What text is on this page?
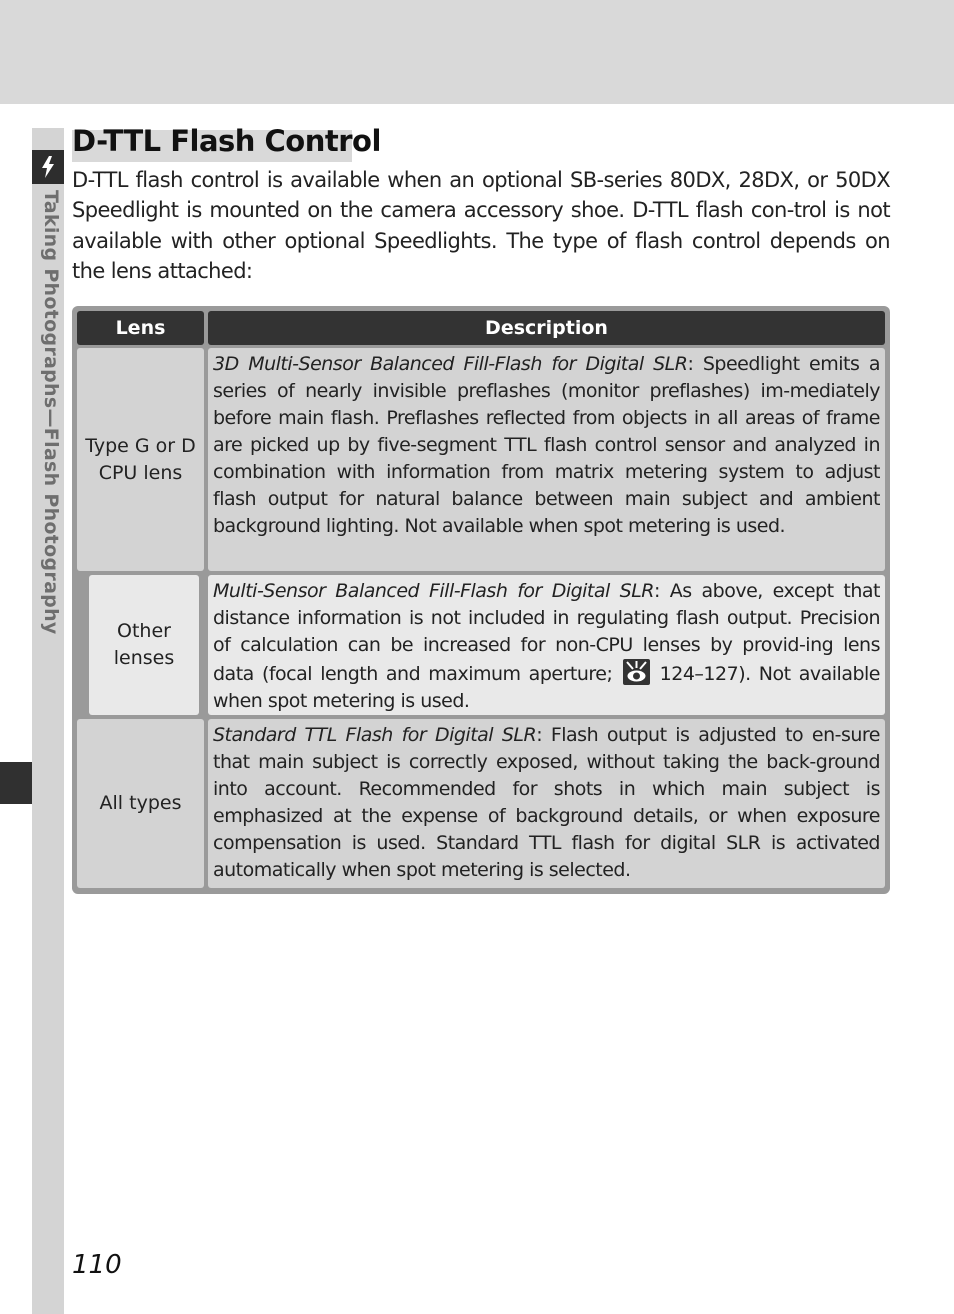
Taking Photographs—Flash Photography
D-TTL Flash Control

D-TTL flash control is available when an optional SB-series 80DX, 28DX, or 50DX Speedlight is mounted on the camera accessory shoe. D-TTL flash con-trol is not available with other optional Speedlights. The type of flash control depends on the lens attached:

Lens	Description
Type G or D CPU lens
3D Multi-Sensor Balanced Fill-Flash for Digital SLR: Speedlight emits a series of nearly invisible preflashes (monitor preflashes) im-mediately before main flash. Preflashes reflected from objects in all areas of frame are picked up by five-segment TTL flash control sensor and analyzed in combination with information from matrix metering system to adjust flash output for natural balance between main subject and ambient background lighting. Not available when spot metering is used.
Other lenses
Multi-Sensor Balanced Fill-Flash for Digital SLR: As above, except that distance information is not included in regulating flash output. Precision of calculation can be increased for non-CPU lenses by provid-ing lens data (focal length and maximum aperture;  124–127). Not available when spot metering is used.
All types
Standard TTL Flash for Digital SLR: Flash output is adjusted to en-sure that main subject is correctly exposed, without taking the back-ground into account. Recommended for shots in which main subject is emphasized at the expense of background details, or when exposure compensation is used. Standard TTL flash for digital SLR is activated automatically when spot metering is selected.
110
